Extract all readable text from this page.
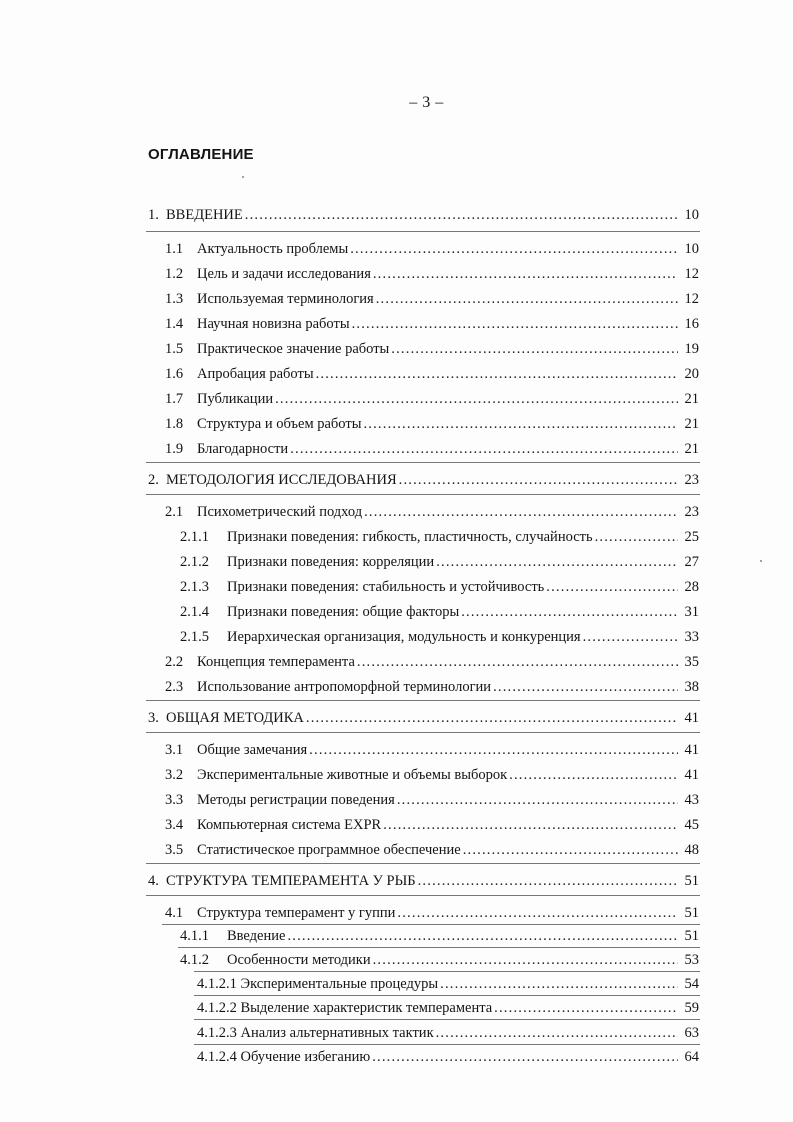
– 3 –
ОГЛАВЛЕНИЕ
1. ВВЕДЕНИЕ .....	10
1.1 Актуальность проблемы .....	10
1.2 Цель и задачи исследования .....	12
1.3 Используемая терминология .....	12
1.4 Научная новизна работы .....	16
1.5 Практическое значение работы .....	19
1.6 Апробация работы .....	20
1.7 Публикации .....	21
1.8 Структура и объем работы .....	21
1.9 Благодарности .....	21
2. МЕТОДОЛОГИЯ ИССЛЕДОВАНИЯ .....	23
2.1 Психометрический подход .....	23
2.1.1	Признаки поведения: гибкость, пластичность, случайность .....	25
2.1.2	Признаки поведения: корреляции .....	27
2.1.3	Признаки поведения: стабильность и устойчивость .....	28
2.1.4	Признаки поведения: общие факторы .....	31
2.1.5	Иерархическая организация, модульность и конкуренция .....	33
2.2 Концепция темперамента .....	35
2.3 Использование антропоморфной терминологии .....	38
3. ОБЩАЯ МЕТОДИКА .....	41
3.1 Общие замечания .....	41
3.2 Экспериментальные животные и объемы выборок .....	41
3.3 Методы регистрации поведения .....	43
3.4 Компьютерная система EXPR .....	45
3.5 Статистическое программное обеспечение .....	48
4. СТРУКТУРА ТЕМПЕРАМЕНТА У РЫБ .....	51
4.1 Структура темперамент у гуппи .....	51
4.1.1	Введение .....	51
4.1.2	Особенности методики .....	53
4.1.2.1 Экспериментальные процедуры .....	54
4.1.2.2 Выделение характеристик темперамента .....	59
4.1.2.3 Анализ альтернативных тактик .....	63
4.1.2.4 Обучение избеганию .....	64
